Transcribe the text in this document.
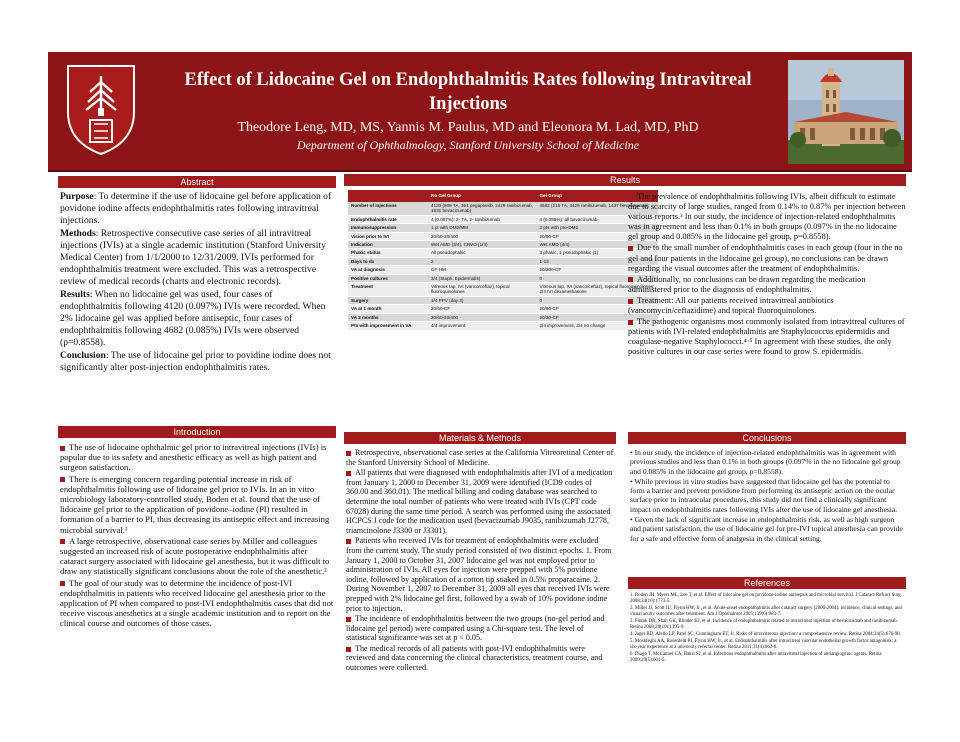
Effect of Lidocaine Gel on Endophthalmitis Rates following Intravitreal Injections
Theodore Leng, MD, MS, Yannis M. Paulus, MD and Eleonora M. Lad, MD, PhD
Department of Ophthalmology, Stanford University School of Medicine
Abstract
Purpose: To determine if the use of lidocaine gel before application of povidone iodine affects endophthalmitis rates following intravitreal injections.
Methods: Retrospective consecutive case series of all intravitreal injections (IVIs) at a single academic institution (Stanford University Medical Center) from 1/1/2000 to 12/31/2009. IVIs performed for endophthalmitis treatment were excluded. This was a retrospective review of medical records (charts and electronic records).
Results: When no lidocaine gel was used, four cases of endophthalmitis following 4120 (0.097%) IVIs were recorded. When 2% lidocaine gel was applied before antiseptic, four cases of endophthalmitis following 4682 (0.085%) IVIs were observed (p=0.8558).
Conclusion: The use of lidocaine gel prior to povidine iodine does not significantly alter post-injection endophthalmitis rates.
Introduction
The use of lidocaine ophthalmic gel prior to intravitreal injections (IVIs) is popular due to its safety and anesthetic efficacy as well as high patient and surgeon satisfaction.
There is emerging concern regarding potential increase in risk of endophthalmitis following use of lidocaine gel prior to IVIs. In an in vitro microbiology laboratory-controlled study, Boden et al. found that the use of lidocaine gel prior to the application of povidone–iodine (PI) resulted in formation of a barrier to PI, thus decreasing its antiseptic effect and increasing microbial survival.¹
A large retrospective, observational case series by Miller and colleagues suggested an increased risk of acute postoperative endophthalmitis after cataract surgery associated with lidocaine gel anesthesia, but it was difficult to draw any statistically significant conclusions about the role of the anesthetic.²
The goal of our study was to determine the incidence of post-IVI endophthalmitis in patients who received lidocaine gel anesthesia prior to the application of PI when compared to post-IVI endophthalmitis cases that did not receive viscous anesthetics at a single academic institution and to report on the clinical course and outcomes of those cases.
Results
	No Gel Group	Gel Group
Number of injections	4120 (809 TA, 351 pegaptanib, 2429 ranibizumab, 1531 bevacizumab)	4682 (216 TA, 3425 ranibizumab, 1437 bevacizumab)
Endophthalmitis rate	4 (0.097%): 2- TA, 2- ranibizumab	4 (0.085%): all bevacizumab
Immunosuppression	1 pt with DM2/MM	2 pts with pre-DM2
Vision prior to IVI	20/60-20/400	20/80-CF
Indication	Wet AMD (3/4), CRVO (1/4)	Wet AMD (4/4)
Phakic status	All pseudophakic	3 phakic, 1 pseudophakic (1)
Days to dx	2	1-13
VA at diagnosis	CF-HM	20/200-CF
Positive cultures	3/4 (Staph. Epidermidis)	0
Treatment	Vitreous tap, IVI (vanco/ceftaz), topical fluoroquinolones	Vitreous tap, IVI (vanco/ceftaz), topical fluoroquinolones; 2/4 IVI dexamethasone
Surgery	1/4 PPV (day 2)	0
VA at 1 month	20/60-CF	20/60-CF
VA 3 months	20/60-20/400	20/30-CF
Pts with improvement in VA	4/4 improvement	2/4 improvement, 2/4 no change
The prevalence of endophthalmitis following IVIs, albeit difficult to estimate due to scarcity of large studies, ranged from 0.14% to 0.87% per injection between various reports.³ In our study, the incidence of injection-related endophthalmitis was in agreement and less than 0.1% in both groups (0.097% in the no lidocaine gel group and 0.085% in the lidocaine gel group, p=0.8558).
Due to the small number of endophthalmitis cases in each group (four in the no gel and four patients in the lidocaine gel group), no conclusions can be drawn regarding the visual outcomes after the treatment of endophthalmitis.
Additionally, no conclusions can be drawn regarding the medication administered prior to the diagnosis of endophthalmitis.
Treatment: All our patients received intravitreal antibiotics (vancomycin/ceftazidime) and topical fluoroquinolones.
The pathogenic organisms most commonly isolated from intravitreal cultures of patients with IVI-related endophthalmitis are Staphylococcus epidermidis and coagulase-negative Staphylococci.⁴·⁵ In agreement with these studies, the only positive cultures in our case series were found to grow S. epidermidis.
Materials & Methods
Retrospective, observational case series at the California Vitreoretinal Center of the Stanford University School of Medicine.
All patients that were diagnosed with endophthalmitis after IVI of a medication from January 1, 2000 to December 31, 2009 were identified (ICD9 codes of 360.00 and 360.01). The medical billing and coding database was searched to determine the total number of patients who were treated with IVIs (CPT code 67028) during the same time period. A search was performed using the associated HCPCS J code for the medication used (bevacizumab J9035, ranibizumab J2778, triamcinolone J3300 or J3301).
Patients who received IVIs for treatment of endophthalmitis were excluded from the current study. The study period consisted of two distinct epochs. 1. From January 1, 2000 to October 31, 2007 lidocaine gel was not employed prior to administration of IVIs. All eyes for injection were prepped with 5% povidone iodine, followed by application of a cotton tip soaked in 0.5% proparacaine. 2. During November 1, 2007 to December 31, 2009 all eyes that received IVIs were prepped with 2% lidocaine gel first, followed by a swab of 10% povidone iodine prior to injection.
The incidence of endophthalmitis between the two groups (no-gel period and lidocaine gel period) were compared using a Chi-square test. The level of statistical significance was set at p < 0.05.
The medical records of all patients with post-IVI endophthalmitis were reviewed and data concerning the clinical characteristics, treatment course, and outcomes were collected.
Conclusions
• In our study, the incidence of injection-related endophthalmitis was in agreement with previous studies and less than 0.1% in both groups (0.097% in the no lidocaine gel group and 0.085% in the lidocaine gel group, p=0.8558).
• While previous in vitro studies have suggested that lidocaine gel has the potential to form a barrier and prevent povidone from performing its antiseptic action on the ocular surface prior to intraocular procedures, this study did not find a clinically significant impact on endophthalmitis rates following IVIs after the use of lidocaine gel anesthesia.
• Given the lack of significant increase in endophthalmitis risk, as well as high surgeon and patient satisfaction, the use of lidocaine gel for pre-IVI topical anesthesia can provide for a safe and effective form of analgesia in the clinical setting.
References
1. Boden JH, Myers ML, Lee T, et al. Effect of lidocaine gel on povidone-iodine antisepsis and microbial survival. J Cataract Refract Surg 2008;34(10):1773-5.
2. Miller JJ, Scott IU, Flynn HW, Jr., et al. Acute-onset endophthalmitis after cataract surgery (2000-2004): incidence, clinical settings, and visual acuity outcomes after treatment. Am J Ophthalmol 2005;139(6):983-7.
3. Fintak DR, Shah GK, Blinder KJ, et al. Incidence of endophthalmitis related to intravitreal injection of bevacizumab and ranibizumab. Retina 2008;28(10):1395-9.
4. Jager RD, Aiello LP, Patel SC, Cunningham ET, Jr. Risks of intravitreous injection: a comprehensive review. Retina 2004;24(5):676-98.
5. Moshfeghi AA, Rosenfeld PJ, Flynn HW, Jr., et al. Endophthalmitis after intravitreal vascular endothelial growth factor antagonists: a six-year experience at a university referral center. Retina 2011;31(4):662-8.
6. Diago T, McCannel CA, Bakri SJ, et al. Infectious endophthalmitis after intravitreal injection of antiangiogenic agents. Retina 2009;29(5):601-5.
